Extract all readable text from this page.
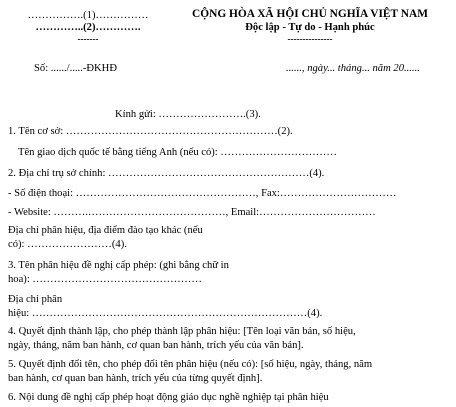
…………….(1)……………
…………..(2)………….
-------
CỘNG HÒA XÃ HỘI CHỦ NGHĨA VIỆT NAM
Độc lập - Tự do - Hạnh phúc
---------------
Số: ....../.....-ĐKHĐ	......, ngày... tháng... năm 20......
Kính gửi: …………………….(3).
1. Tên cơ sở: ……………………………………………………(2).
Tên giao dịch quốc tế bằng tiếng Anh (nếu có): ……………………………
2. Địa chỉ trụ sở chính: …………………………………………………(4).
- Số điện thoại: ……………………………………………, Fax:……………………………
- Website: ……….…………………………………, Email:……………………………
Địa chỉ phân hiệu, địa điểm đào tạo khác (nếu
có): ……………………(4).
3. Tên phân hiệu đề nghị cấp phép: (ghi bằng chữ in
hoa): …………………………………………
Địa chỉ phân
hiệu: ……………………………………………………………………(4).
4. Quyết định thành lập, cho phép thành lập phân hiệu: [Tên loại văn bản, số hiệu,
ngày, tháng, năm ban hành, cơ quan ban hành, trích yếu của văn bản].
5. Quyết định đổi tên, cho phép đổi tên phân hiệu (nếu có): [số hiệu, ngày, tháng, năm
ban hành, cơ quan ban hành, trích yếu của từng quyết định].
6. Nội dung đề nghị cấp phép hoạt động giáo dục nghề nghiệp tại phân hiệu
